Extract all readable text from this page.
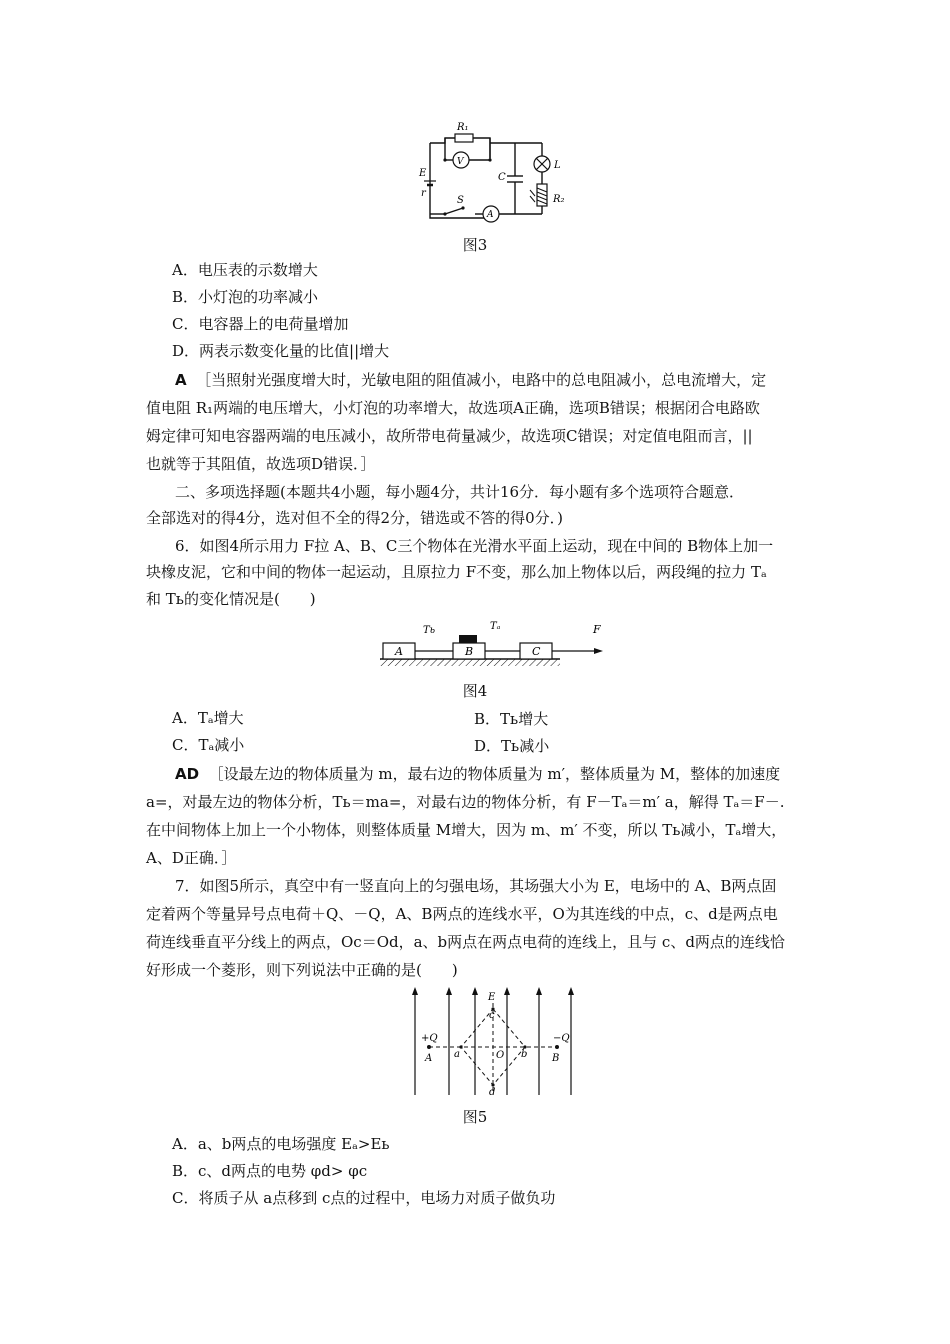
R₁
V
E
r
C
S
A
L
R₂
图3
A．电压表的示数增大
B．小灯泡的功率减小
C．电容器上的电荷量增加
D．两表示数变化量的比值||增大
A ［当照射光强度增大时，光敏电阻的阻值减小，电路中的总电阻减小，总电流增大，定
值电阻 R₁两端的电压增大，小灯泡的功率增大，故选项A正确，选项B错误；根据闭合电路欧
姆定律可知电容器两端的电压减小，故所带电荷量减少，故选项C错误；对定值电阻而言，||
也就等于其阻值，故选项D错误．］
二、多项选择题(本题共4小题，每小题4分，共计16分．每小题有多个选项符合题意．
全部选对的得4分，选对但不全的得2分，错选或不答的得0分．)
6．如图4所示用力 F拉 A、B、C三个物体在光滑水平面上运动，现在中间的 B物体上加一
块橡皮泥，它和中间的物体一起运动，且原拉力 F不变，那么加上物体以后，两段绳的拉力 Tₐ
和 Tь的变化情况是(　　)
Tь	Tₐ	F
A	B	C
图4
A．Tₐ增大	B．Tь增大
C．Tₐ减小	D．Tь减小
AD ［设最左边的物体质量为 m，最右边的物体质量为 m′，整体质量为 M，整体的加速度
a=，对最左边的物体分析，Tь＝ma=，对最右边的物体分析，有 F－Tₐ＝m′ a，解得 Tₐ＝F－.
在中间物体上加上一个小物体，则整体质量 M增大，因为 m、m′ 不变，所以 Tь减小，Tₐ增大，
A、D正确．］
7．如图5所示，真空中有一竖直向上的匀强电场，其场强大小为 E，电场中的 A、B两点固
定着两个等量异号点电荷＋Q、－Q，A、B两点的连线水平，O为其连线的中点，c、d是两点电
荷连线垂直平分线上的两点，Oc＝Od，a、b两点在两点电荷的连线上，且与 c、d两点的连线恰
好形成一个菱形，则下列说法中正确的是(　　)
E
+Q	−Q
A	B
a	b
O
c
d
图5
A．a、b两点的电场强度 Eₐ>Eь
B．c、d两点的电势 φd> φc
C．将质子从 a点移到 c点的过程中，电场力对质子做负功
